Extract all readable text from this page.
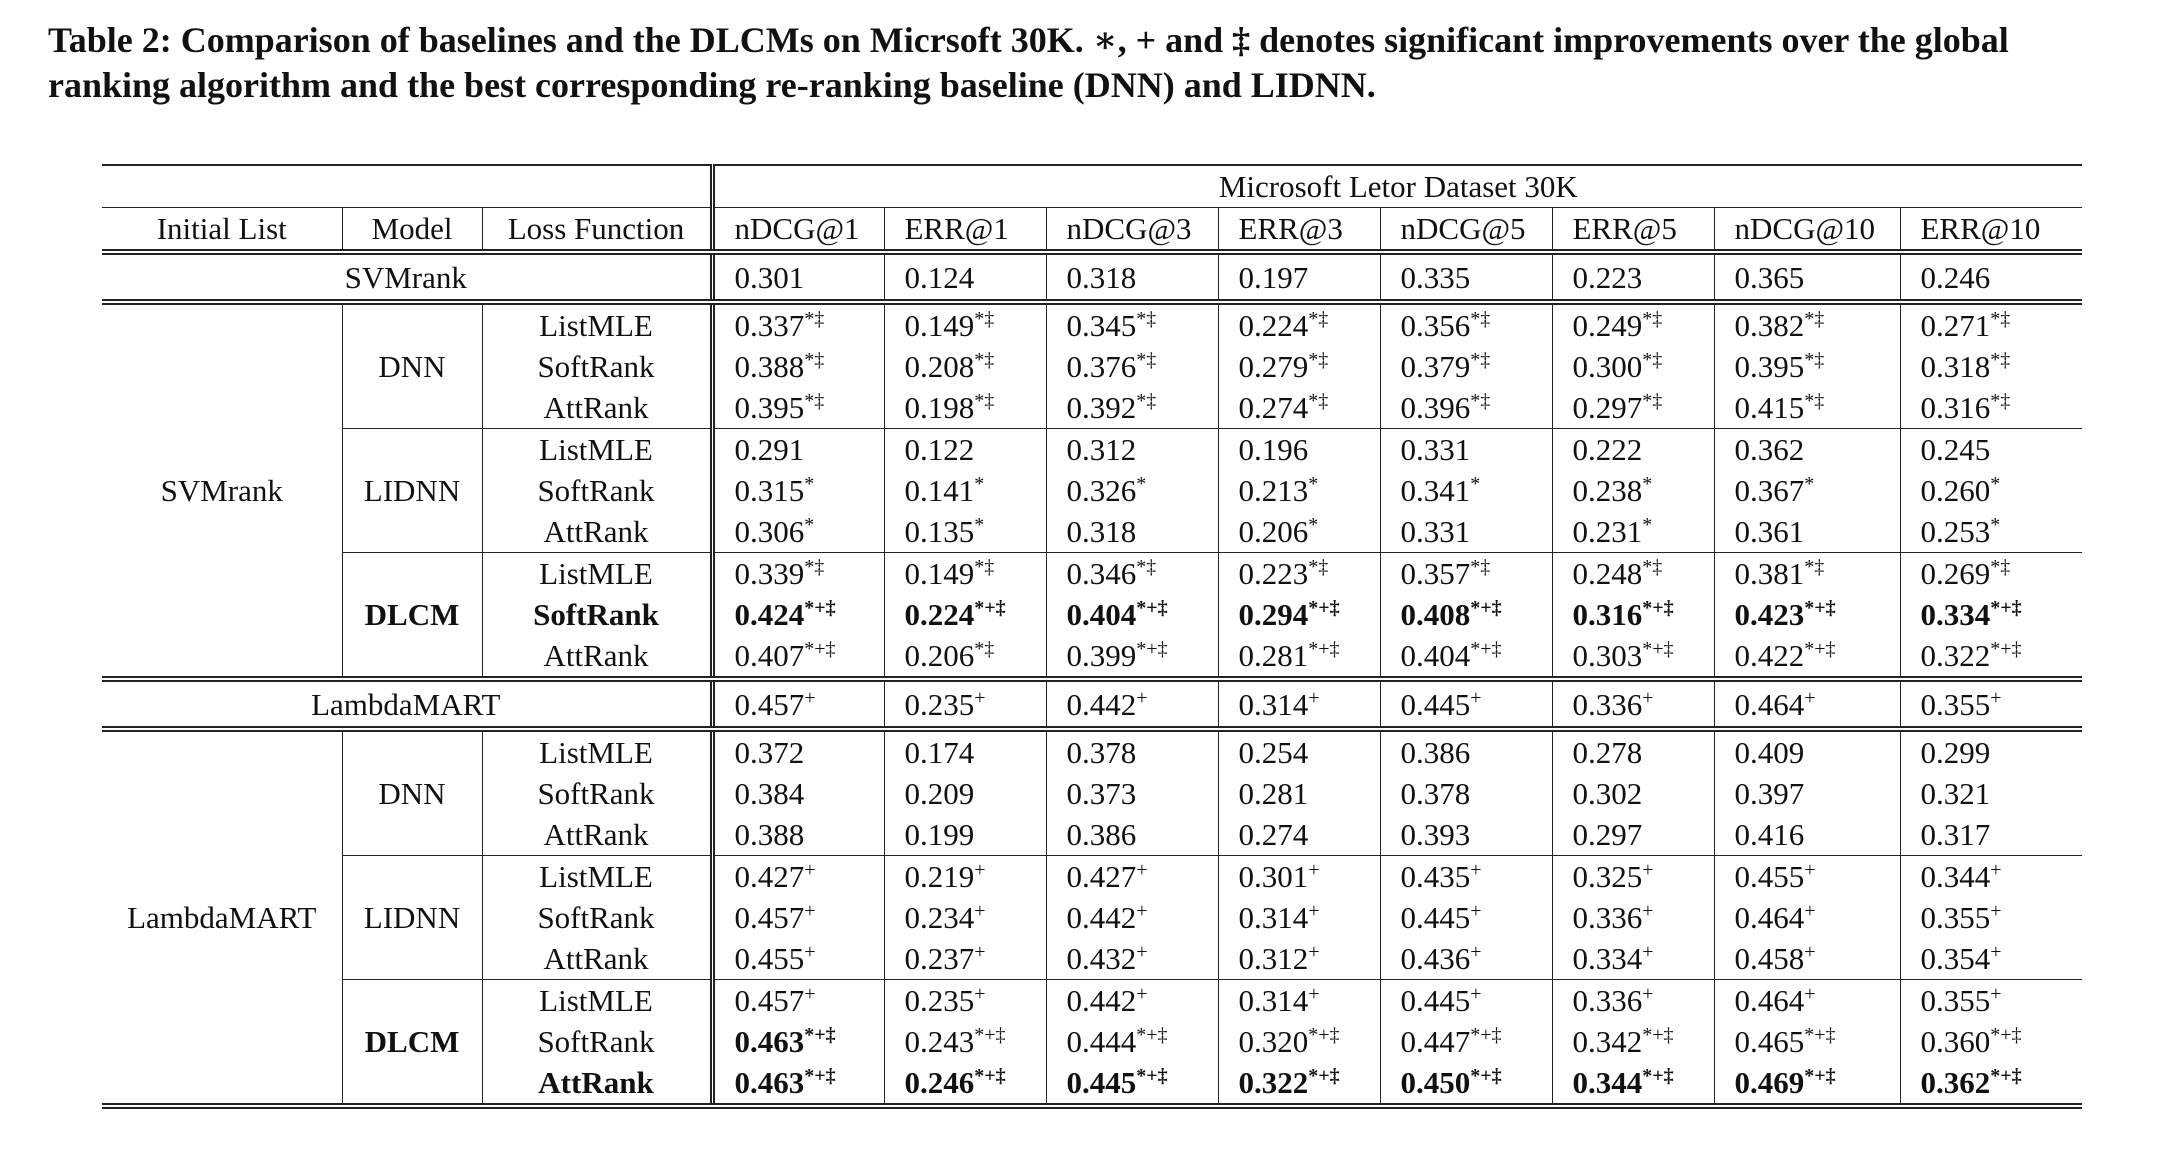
Table 2: Comparison of baselines and the DLCMs on Micrsoft 30K. ∗, + and ‡ denotes significant improvements over the global ranking algorithm and the best corresponding re-ranking baseline (DNN) and LIDNN.
			Microsoft Letor Dataset 30K							
Initial List	Model	Loss Function	nDCG@1	ERR@1	nDCG@3	ERR@3	nDCG@5	ERR@5	nDCG@10	ERR@10
SVMrank			0.301	0.124	0.318	0.197	0.335	0.223	0.365	0.246
SVMrank	DNN	ListMLE	0.337*‡	0.149*‡	0.345*‡	0.224*‡	0.356*‡	0.249*‡	0.382*‡	0.271*‡
		SoftRank	0.388*‡	0.208*‡	0.376*‡	0.279*‡	0.379*‡	0.300*‡	0.395*‡	0.318*‡
		AttRank	0.395*‡	0.198*‡	0.392*‡	0.274*‡	0.396*‡	0.297*‡	0.415*‡	0.316*‡
	LIDNN	ListMLE	0.291	0.122	0.312	0.196	0.331	0.222	0.362	0.245
		SoftRank	0.315*	0.141*	0.326*	0.213*	0.341*	0.238*	0.367*	0.260*
		AttRank	0.306*	0.135*	0.318	0.206*	0.331	0.231*	0.361	0.253*
	DLCM	ListMLE	0.339*‡	0.149*‡	0.346*‡	0.223*‡	0.357*‡	0.248*‡	0.381*‡	0.269*‡
		SoftRank	0.424*+‡	0.224*+‡	0.404*+‡	0.294*+‡	0.408*+‡	0.316*+‡	0.423*+‡	0.334*+‡
		AttRank	0.407*+‡	0.206*‡	0.399*+‡	0.281*+‡	0.404*+‡	0.303*+‡	0.422*+‡	0.322*+‡
LambdaMART			0.457+	0.235+	0.442+	0.314+	0.445+	0.336+	0.464+	0.355+
LambdaMART	DNN	ListMLE	0.372	0.174	0.378	0.254	0.386	0.278	0.409	0.299
		SoftRank	0.384	0.209	0.373	0.281	0.378	0.302	0.397	0.321
		AttRank	0.388	0.199	0.386	0.274	0.393	0.297	0.416	0.317
	LIDNN	ListMLE	0.427+	0.219+	0.427+	0.301+	0.435+	0.325+	0.455+	0.344+
		SoftRank	0.457+	0.234+	0.442+	0.314+	0.445+	0.336+	0.464+	0.355+
		AttRank	0.455+	0.237+	0.432+	0.312+	0.436+	0.334+	0.458+	0.354+
	DLCM	ListMLE	0.457+	0.235+	0.442+	0.314+	0.445+	0.336+	0.464+	0.355+
		SoftRank	0.463*+‡	0.243*+‡	0.444*+‡	0.320*+‡	0.447*+‡	0.342*+‡	0.465*+‡	0.360*+‡
		AttRank	0.463*+‡	0.246*+‡	0.445*+‡	0.322*+‡	0.450*+‡	0.344*+‡	0.469*+‡	0.362*+‡
